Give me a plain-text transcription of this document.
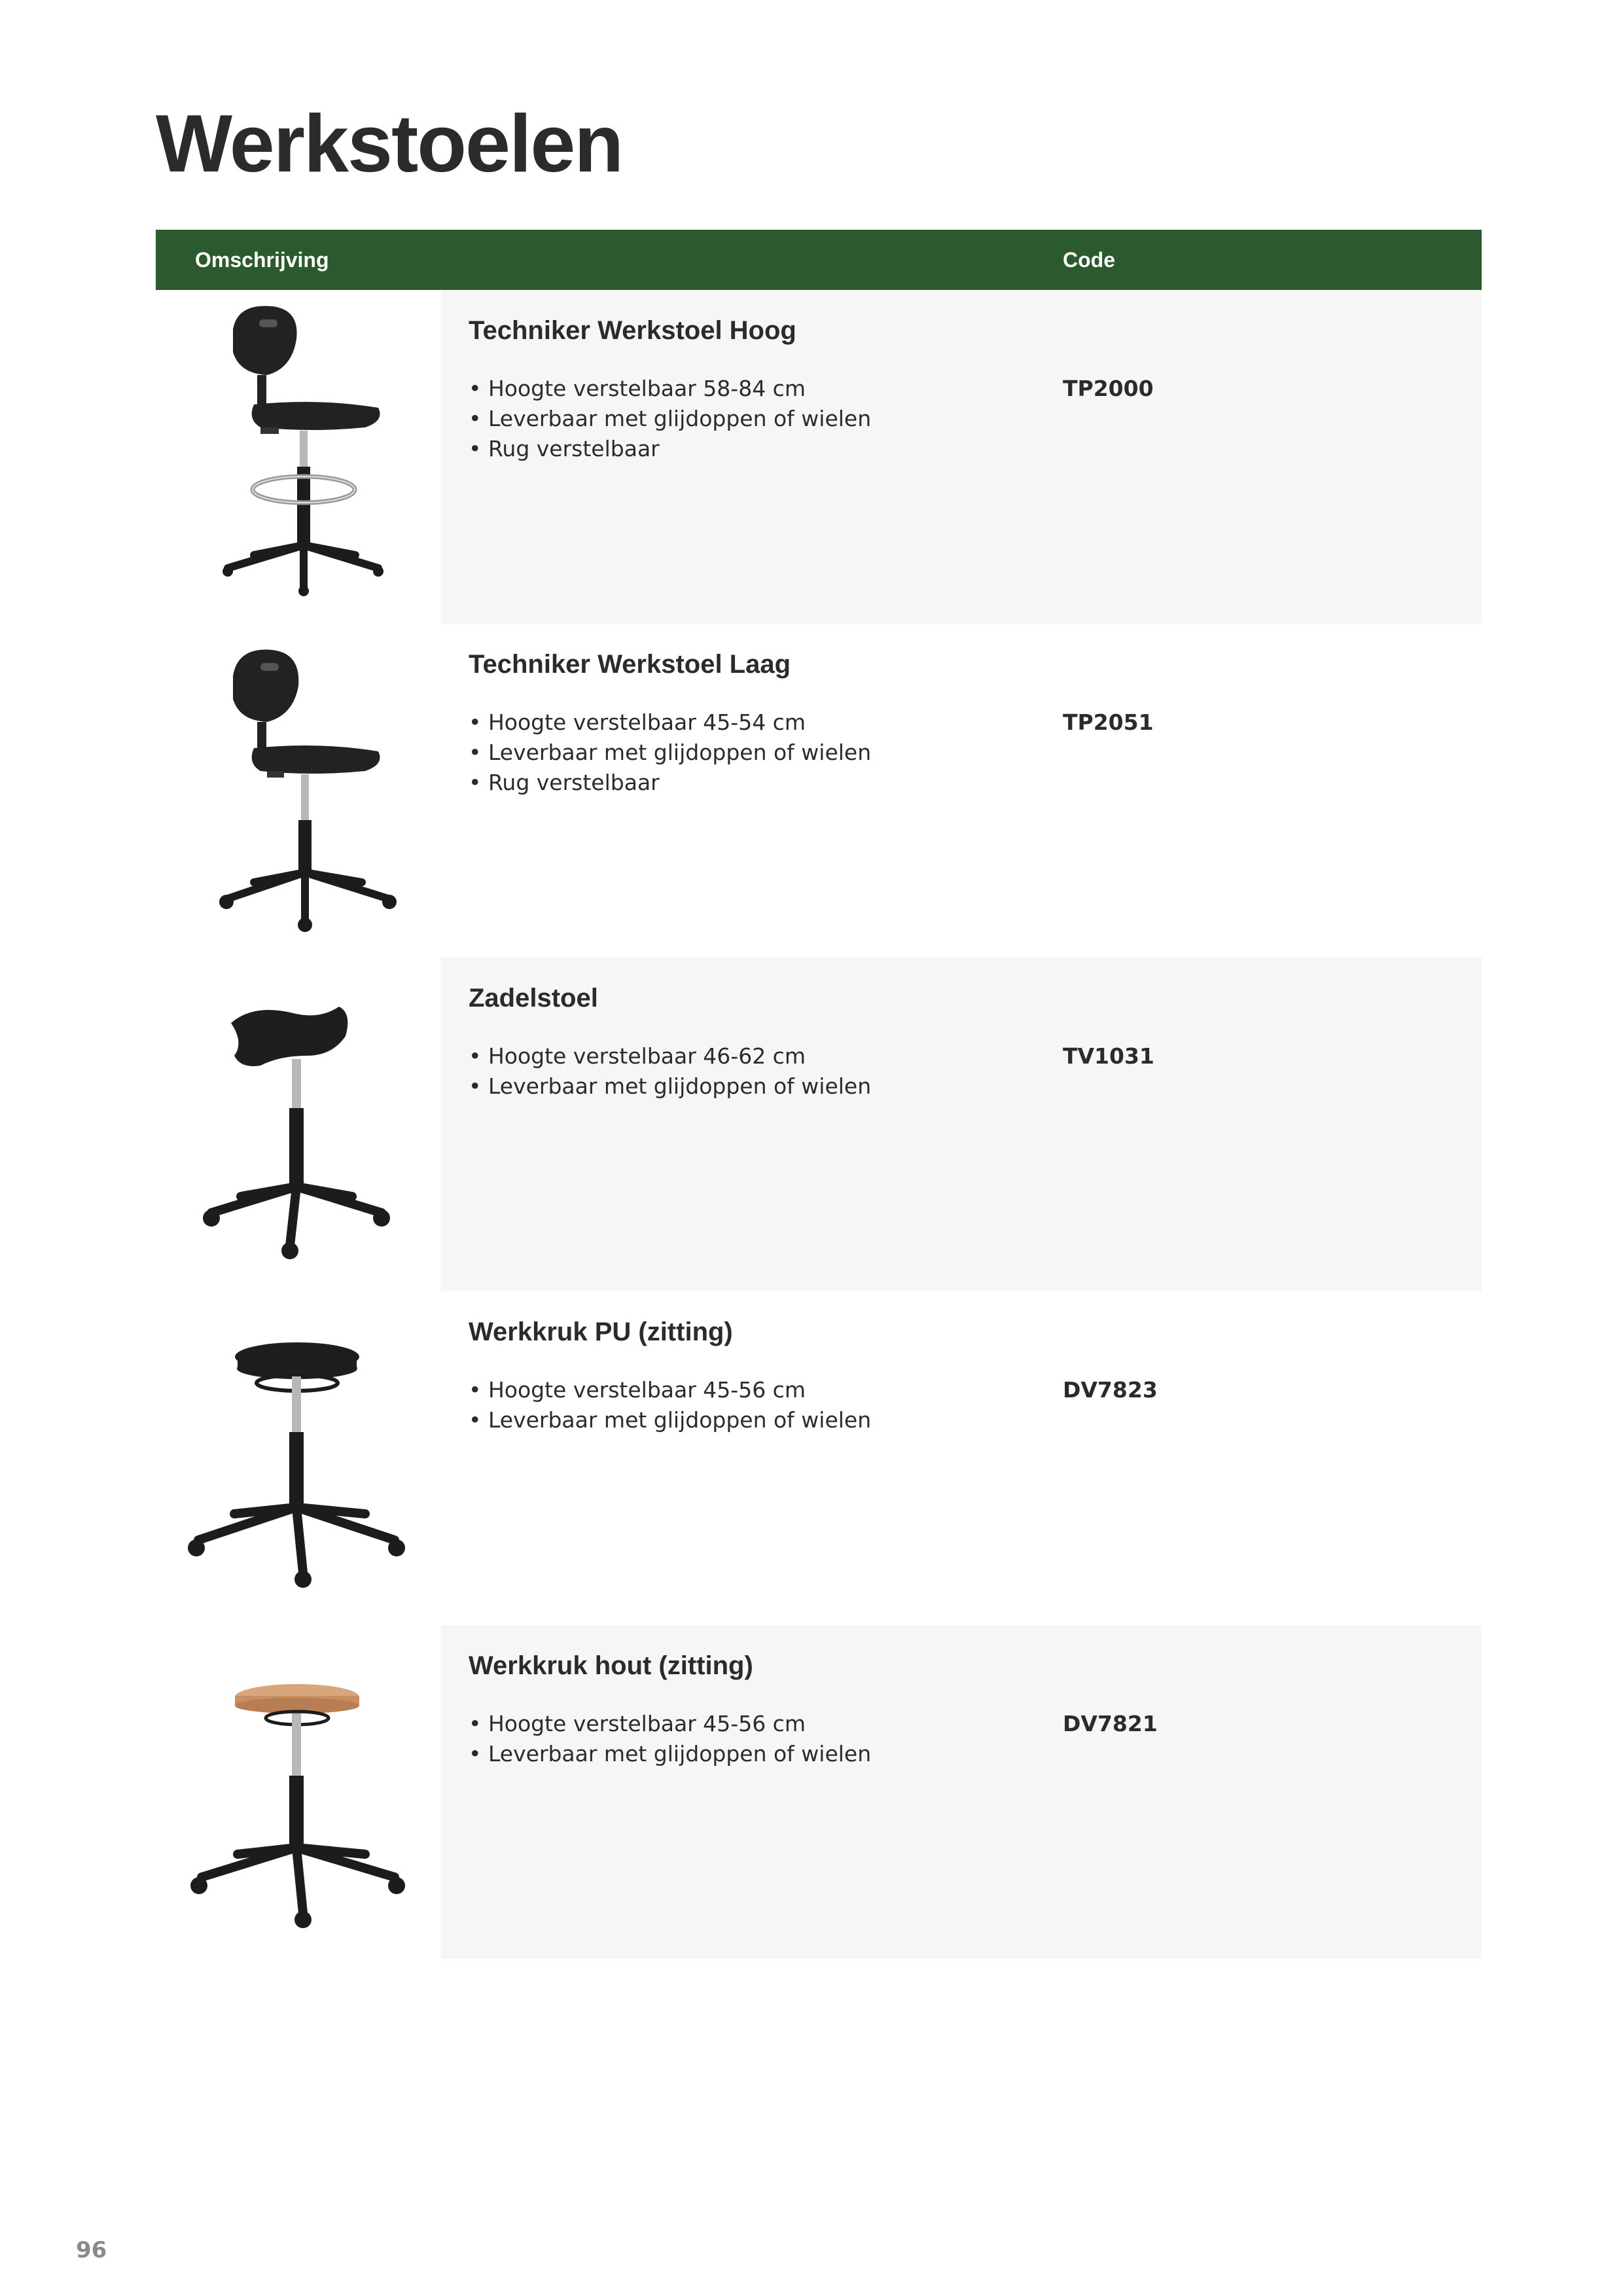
Werkstoelen
Omschrijving	Code
Techniker Werkstoel Hoog
• Hoogte verstelbaar 58-84 cm
• Leverbaar met glijdoppen of wielen
• Rug verstelbaar
TP2000
Techniker Werkstoel Laag
• Hoogte verstelbaar 45-54 cm
• Leverbaar met glijdoppen of wielen
• Rug verstelbaar
TP2051
Zadelstoel
• Hoogte verstelbaar 46-62 cm
• Leverbaar met glijdoppen of wielen
TV1031
Werkkruk PU (zitting)
• Hoogte verstelbaar 45-56 cm
• Leverbaar met glijdoppen of wielen
DV7823
Werkkruk hout (zitting)
• Hoogte verstelbaar 45-56 cm
• Leverbaar met glijdoppen of wielen
DV7821
96
